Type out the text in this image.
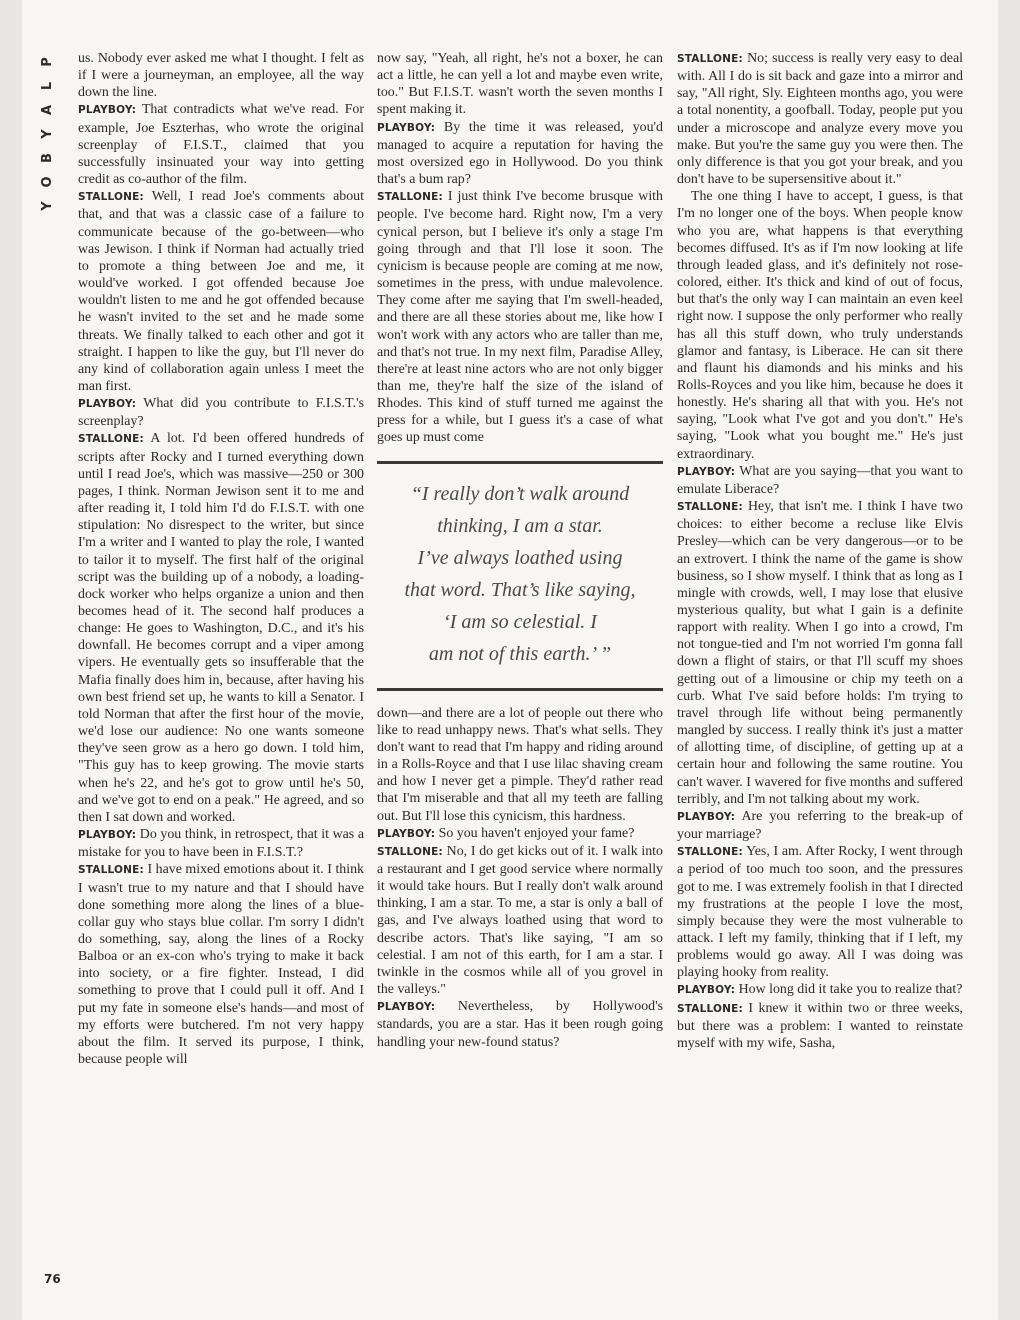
P
L
A
Y
B
O
Y

us. Nobody ever asked me what I thought. I felt as if I were a journeyman, an employee, all the way down the line.

PLAYBOY: That contradicts what we've read. For example, Joe Eszterhas, who wrote the original screenplay of F.I.S.T., claimed that you successfully insinuated your way into getting credit as co-author of the film.

STALLONE: Well, I read Joe's comments about that, and that was a classic case of a failure to communicate because of the go-between—who was Jewison. I think if Norman had actually tried to promote a thing between Joe and me, it would've worked. I got offended because Joe wouldn't listen to me and he got offended because he wasn't invited to the set and he made some threats. We finally talked to each other and got it straight. I happen to like the guy, but I'll never do any kind of collaboration again unless I meet the man first.

PLAYBOY: What did you contribute to F.I.S.T.'s screenplay?

STALLONE: A lot. I'd been offered hundreds of scripts after Rocky and I turned everything down until I read Joe's, which was massive—250 or 300 pages, I think. Norman Jewison sent it to me and after reading it, I told him I'd do F.I.S.T. with one stipulation: No disrespect to the writer, but since I'm a writer and I wanted to play the role, I wanted to tailor it to myself. The first half of the original script was the building up of a nobody, a loading-dock worker who helps organize a union and then becomes head of it. The second half produces a change: He goes to Washington, D.C., and it's his downfall. He becomes corrupt and a viper among vipers. He eventually gets so insufferable that the Mafia finally does him in, because, after having his own best friend set up, he wants to kill a Senator. I told Norman that after the first hour of the movie, we'd lose our audience: No one wants someone they've seen grow as a hero go down. I told him, "This guy has to keep growing. The movie starts when he's 22, and he's got to grow until he's 50, and we've got to end on a peak." He agreed, and so then I sat down and worked.

PLAYBOY: Do you think, in retrospect, that it was a mistake for you to have been in F.I.S.T.?

STALLONE: I have mixed emotions about it. I think I wasn't true to my nature and that I should have done something more along the lines of a blue-collar guy who stays blue collar. I'm sorry I didn't do something, say, along the lines of a Rocky Balboa or an ex-con who's trying to make it back into society, or a fire fighter. Instead, I did something to prove that I could pull it off. And I put my fate in someone else's hands—and most of my efforts were butchered. I'm not very happy about the film. It served its purpose, I think, because people will

now say, "Yeah, all right, he's not a boxer, he can act a little, he can yell a lot and maybe even write, too." But F.I.S.T. wasn't worth the seven months I spent making it.

PLAYBOY: By the time it was released, you'd managed to acquire a reputation for having the most oversized ego in Hollywood. Do you think that's a bum rap?

STALLONE: I just think I've become brusque with people. I've become hard. Right now, I'm a very cynical person, but I believe it's only a stage I'm going through and that I'll lose it soon. The cynicism is because people are coming at me now, sometimes in the press, with undue malevolence. They come after me saying that I'm swell-headed, and there are all these stories about me, like how I won't work with any actors who are taller than me, and that's not true. In my next film, Paradise Alley, there're at least nine actors who are not only bigger than me, they're half the size of the island of Rhodes. This kind of stuff turned me against the press for a while, but I guess it's a case of what goes up must come

“I really don’t walk around
thinking, I am a star.
I’ve always loathed using
that word. That’s like saying,
‘I am so celestial. I
am not of this earth.’ ”

down—and there are a lot of people out there who like to read unhappy news. That's what sells. They don't want to read that I'm happy and riding around in a Rolls-Royce and that I use lilac shaving cream and how I never get a pimple. They'd rather read that I'm miserable and that all my teeth are falling out. But I'll lose this cynicism, this hardness.

PLAYBOY: So you haven't enjoyed your fame?

STALLONE: No, I do get kicks out of it. I walk into a restaurant and I get good service where normally it would take hours. But I really don't walk around thinking, I am a star. To me, a star is only a ball of gas, and I've always loathed using that word to describe actors. That's like saying, "I am so celestial. I am not of this earth, for I am a star. I twinkle in the cosmos while all of you grovel in the valleys."

PLAYBOY: Nevertheless, by Hollywood's standards, you are a star. Has it been rough going handling your new-found status?

STALLONE: No; success is really very easy to deal with. All I do is sit back and gaze into a mirror and say, "All right, Sly. Eighteen months ago, you were a total nonentity, a goofball. Today, people put you under a microscope and analyze every move you make. But you're the same guy you were then. The only difference is that you got your break, and you don't have to be supersensitive about it."

The one thing I have to accept, I guess, is that I'm no longer one of the boys. When people know who you are, what happens is that everything becomes diffused. It's as if I'm now looking at life through leaded glass, and it's definitely not rose-colored, either. It's thick and kind of out of focus, but that's the only way I can maintain an even keel right now. I suppose the only performer who really has all this stuff down, who truly understands glamor and fantasy, is Liberace. He can sit there and flaunt his diamonds and his minks and his Rolls-Royces and you like him, because he does it honestly. He's sharing all that with you. He's not saying, "Look what I've got and you don't." He's saying, "Look what you bought me." He's just extraordinary.

PLAYBOY: What are you saying—that you want to emulate Liberace?

STALLONE: Hey, that isn't me. I think I have two choices: to either become a recluse like Elvis Presley—which can be very dangerous—or to be an extrovert. I think the name of the game is show business, so I show myself. I think that as long as I mingle with crowds, well, I may lose that elusive mysterious quality, but what I gain is a definite rapport with reality. When I go into a crowd, I'm not tongue-tied and I'm not worried I'm gonna fall down a flight of stairs, or that I'll scuff my shoes getting out of a limousine or chip my teeth on a curb. What I've said before holds: I'm trying to travel through life without being permanently mangled by success. I really think it's just a matter of allotting time, of discipline, of getting up at a certain hour and following the same routine. You can't waver. I wavered for five months and suffered terribly, and I'm not talking about my work.

PLAYBOY: Are you referring to the break-up of your marriage?

STALLONE: Yes, I am. After Rocky, I went through a period of too much too soon, and the pressures got to me. I was extremely foolish in that I directed my frustrations at the people I love the most, simply because they were the most vulnerable to attack. I left my family, thinking that if I left, my problems would go away. All I was doing was playing hooky from reality.

PLAYBOY: How long did it take you to realize that?

STALLONE: I knew it within two or three weeks, but there was a problem: I wanted to reinstate myself with my wife, Sasha,

76
